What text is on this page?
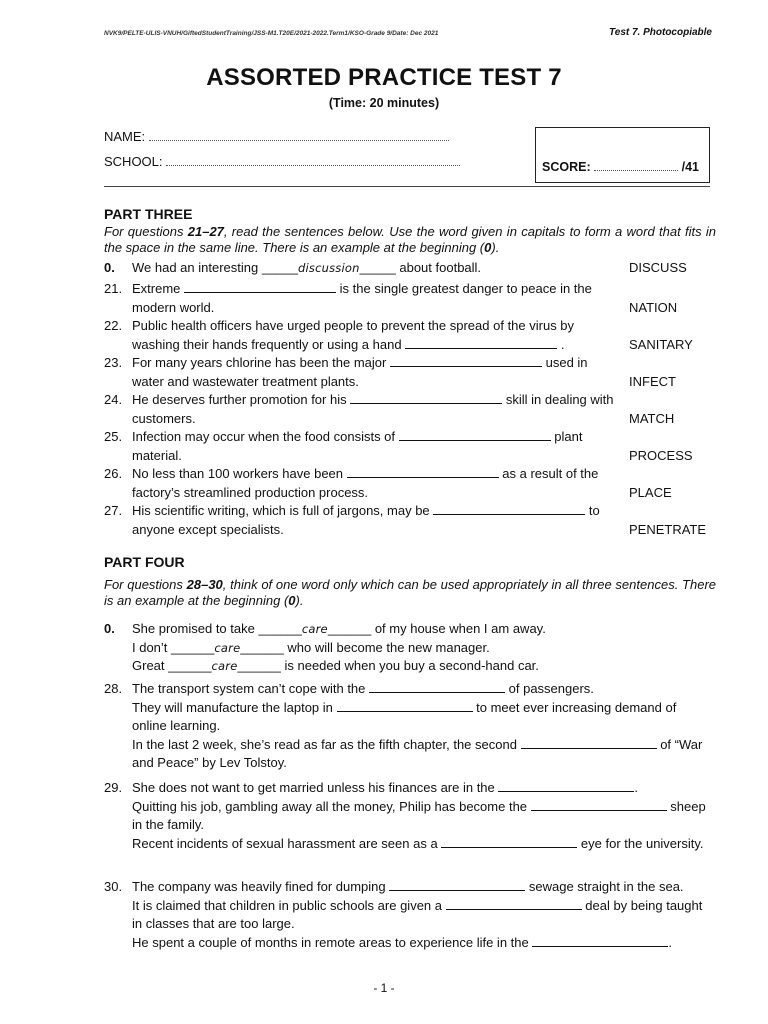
NVK9/PELTE-ULIS-VNUH/GiftedStudentTraining/JSS-M1.T20E/2021-2022.Term1/KSO-Grade 9/Date: Dec 2021	Test 7. Photocopiable
ASSORTED PRACTICE TEST 7
(Time: 20 minutes)
NAME:
SCHOOL:	SCORE:	/41
PART THREE
For questions 21–27, read the sentences below. Use the word given in capitals to form a word that fits in the space in the same line. There is an example at the beginning (0).
0.	We had an interesting _____discussion_____ about football.	DISCUSS
21. Extreme	is the single greatest danger to peace in the modern world.	NATION
22. Public health officers have urged people to prevent the spread of the virus by washing their hands frequently or using a hand	.	SANITARY
23. For many years chlorine has been the major	used in water and wastewater treatment plants.	INFECT
24. He deserves further promotion for his	skill in dealing with customers.	MATCH
25. Infection may occur when the food consists of	plant material.	PROCESS
26. No less than 100 workers have been	as a result of the factory’s streamlined production process.	PLACE
27. His scientific writing, which is full of jargons, may be	to anyone except specialists.	PENETRATE
PART FOUR
For questions 28–30, think of one word only which can be used appropriately in all three sentences. There is an example at the beginning (0).
0.	She promised to take ______care______ of my house when I am away.
I don’t ______care______ who will become the new manager.
Great ______care______ is needed when you buy a second-hand car.
28. The transport system can’t cope with the	of passengers.
They will manufacture the laptop in	to meet ever increasing demand of online learning.
In the last 2 week, she’s read as far as the fifth chapter, the second	of “War and Peace” by Lev Tolstoy.
29. She does not want to get married unless his finances are in the	.
Quitting his job, gambling away all the money, Philip has become the	sheep in the family.
Recent incidents of sexual harassment are seen as a	eye for the university.
30. The company was heavily fined for dumping	sewage straight in the sea.
It is claimed that children in public schools are given a	deal by being taught in classes that are too large.
He spent a couple of months in remote areas to experience life in the	.
- 1 -
